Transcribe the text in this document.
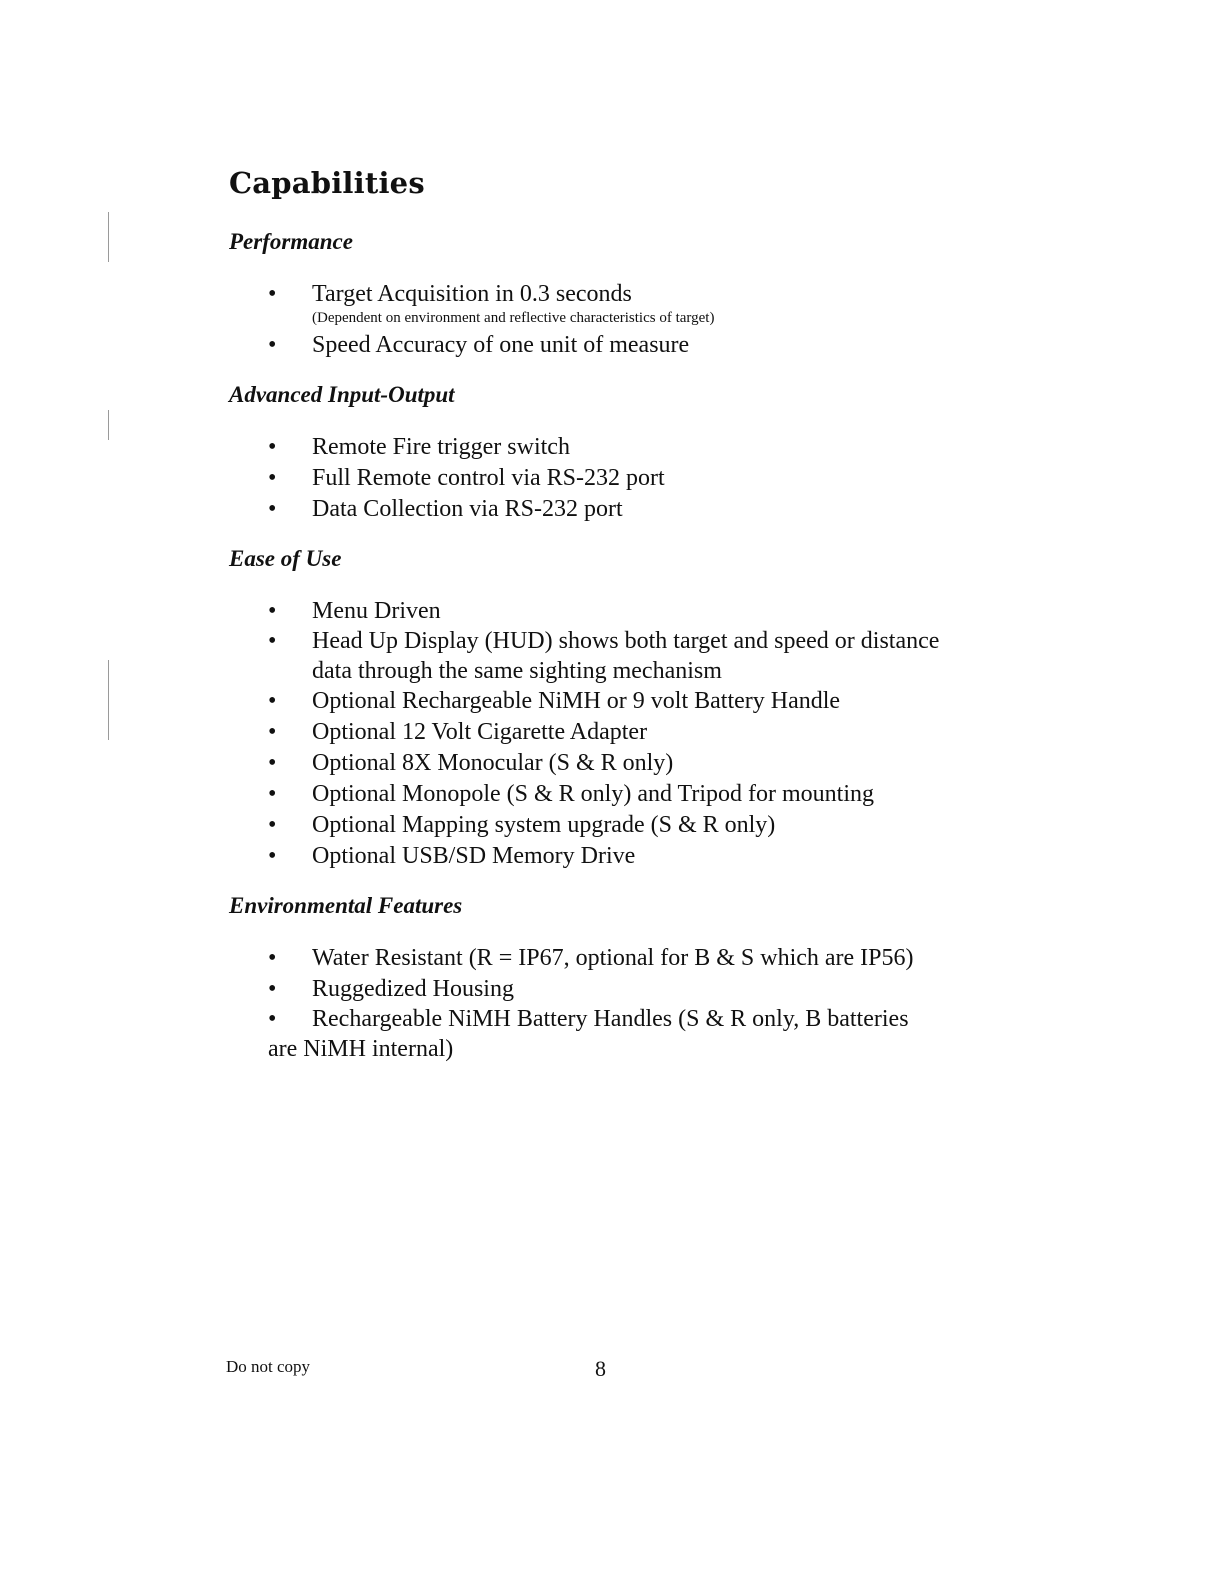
Capabilities
Performance
• Target Acquisition in 0.3 seconds
(Dependent on environment and reflective characteristics of target)
• Speed Accuracy of one unit of measure
Advanced Input-Output
• Remote Fire trigger switch
• Full Remote control via RS-232 port
• Data Collection via RS-232 port
Ease of Use
• Menu Driven
• Head Up Display (HUD) shows both target and speed or distance
data through the same sighting mechanism
• Optional Rechargeable NiMH or 9 volt Battery Handle
• Optional 12 Volt Cigarette Adapter
• Optional 8X Monocular (S & R only)
• Optional Monopole (S & R only) and Tripod for mounting
• Optional Mapping system upgrade (S & R only)
• Optional USB/SD Memory Drive
Environmental Features
• Water Resistant (R = IP67, optional for B & S which are IP56)
• Ruggedized Housing
• Rechargeable NiMH Battery Handles (S & R only, B batteries
are NiMH internal)
Do not copy	8
